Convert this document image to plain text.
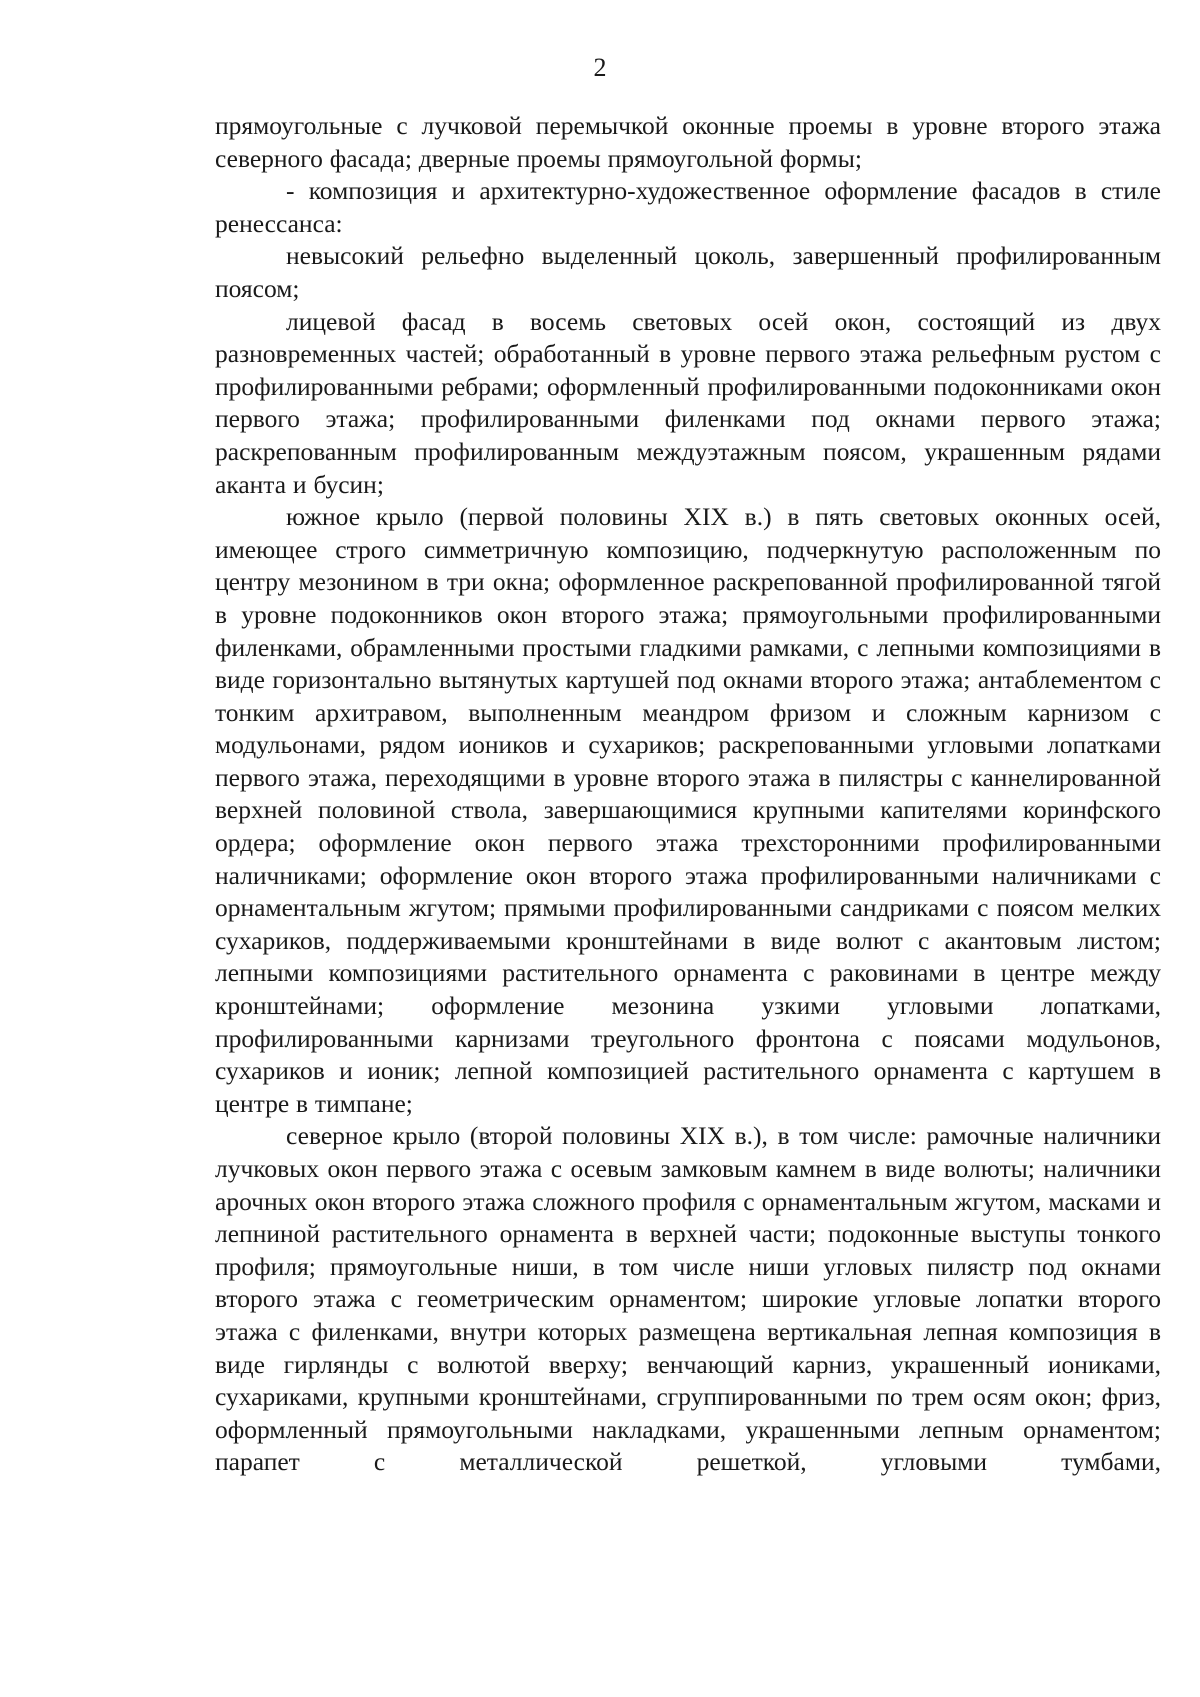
2

прямоугольные с лучковой перемычкой оконные проемы в уровне второго этажа северного фасада; дверные проемы прямоугольной формы;

- композиция и архитектурно-художественное оформление фасадов в стиле ренессанса:

невысокий рельефно выделенный цоколь, завершенный профилированным поясом;

лицевой фасад в восемь световых осей окон, состоящий из двух разновременных частей; обработанный в уровне первого этажа рельефным рустом с профилированными ребрами; оформленный профилированными подоконниками окон первого этажа; профилированными филенками под окнами первого этажа; раскрепованным профилированным междуэтажным поясом, украшенным рядами аканта и бусин;

южное крыло (первой половины XIX в.) в пять световых оконных осей, имеющее строго симметричную композицию, подчеркнутую расположенным по центру мезонином в три окна; оформленное раскрепованной профилированной тягой в уровне подоконников окон второго этажа; прямоугольными профилированными филенками, обрамленными простыми гладкими рамками, с лепными композициями в виде горизонтально вытянутых картушей под окнами второго этажа; антаблементом с тонким архитравом, выполненным меандром фризом и сложным карнизом с модульонами, рядом иоников и сухариков; раскрепованными угловыми лопатками первого этажа, переходящими в уровне второго этажа в пилястры с каннелированной верхней половиной ствола, завершающимися крупными капителями коринфского ордера; оформление окон первого этажа трехсторонними профилированными наличниками; оформление окон второго этажа профилированными наличниками с орнаментальным жгутом; прямыми профилированными сандриками с поясом мелких сухариков, поддерживаемыми кронштейнами в виде волют с акантовым листом; лепными композициями растительного орнамента с раковинами в центре между кронштейнами; оформление мезонина узкими угловыми лопатками, профилированными карнизами треугольного фронтона с поясами модульонов, сухариков и ионик; лепной композицией растительного орнамента с картушем в центре в тимпане;

северное крыло (второй половины XIX в.), в том числе: рамочные наличники лучковых окон первого этажа с осевым замковым камнем в виде волюты; наличники арочных окон второго этажа сложного профиля с орнаментальным жгутом, масками и лепниной растительного орнамента в верхней части; подоконные выступы тонкого профиля; прямоугольные ниши, в том числе ниши угловых пилястр под окнами второго этажа с геометрическим орнаментом; широкие угловые лопатки второго этажа с филенками, внутри которых размещена вертикальная лепная композиция в виде гирлянды с волютой вверху; венчающий карниз, украшенный иониками, сухариками, крупными кронштейнами, сгруппированными по трем осям окон; фриз, оформленный прямоугольными накладками, украшенными лепным орнаментом; парапет с металлической решеткой, угловыми тумбами,
